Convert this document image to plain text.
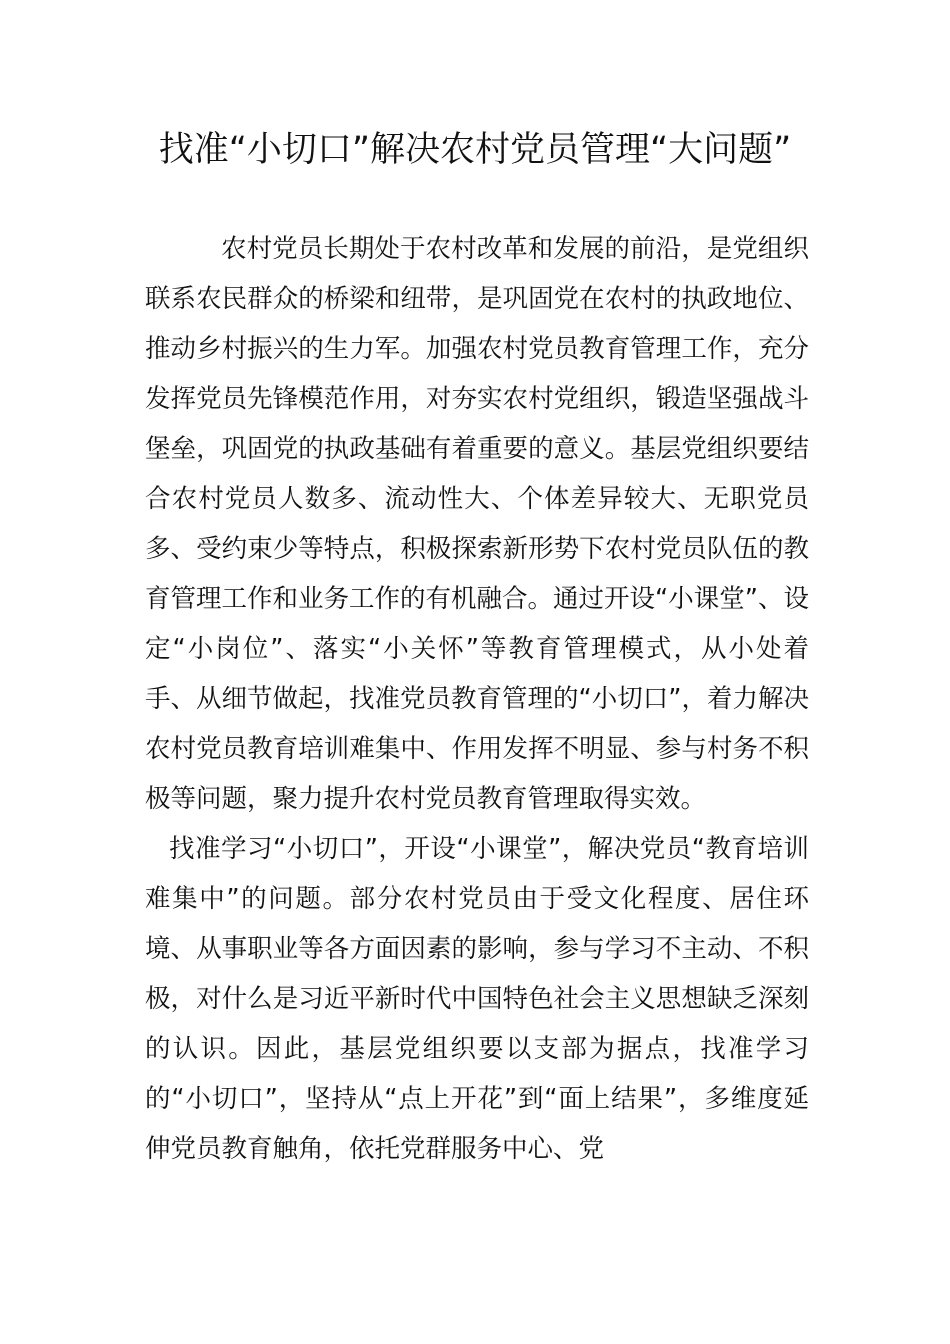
找准“小切口”解决农村党员管理“大问题”

农村党员长期处于农村改革和发展的前沿，是党组织联系农民群众的桥梁和纽带，是巩固党在农村的执政地位、推动乡村振兴的生力军。加强农村党员教育管理工作，充分发挥党员先锋模范作用，对夯实农村党组织，锻造坚强战斗堡垒，巩固党的执政基础有着重要的意义。基层党组织要结合农村党员人数多、流动性大、个体差异较大、无职党员多、受约束少等特点，积极探索新形势下农村党员队伍的教育管理工作和业务工作的有机融合。通过开设“小课堂”、设定“小岗位”、落实“小关怀”等教育管理模式，从小处着手、从细节做起，找准党员教育管理的“小切口”，着力解决农村党员教育培训难集中、作用发挥不明显、参与村务不积极等问题，聚力提升农村党员教育管理取得实效。

找准学习“小切口”，开设“小课堂”，解决党员“教育培训难集中”的问题。部分农村党员由于受文化程度、居住环境、从事职业等各方面因素的影响，参与学习不主动、不积极，对什么是习近平新时代中国特色社会主义思想缺乏深刻的认识。因此，基层党组织要以支部为据点，找准学习的“小切口”，坚持从“点上开花”到“面上结果”，多维度延伸党员教育触角，依托党群服务中心、党
